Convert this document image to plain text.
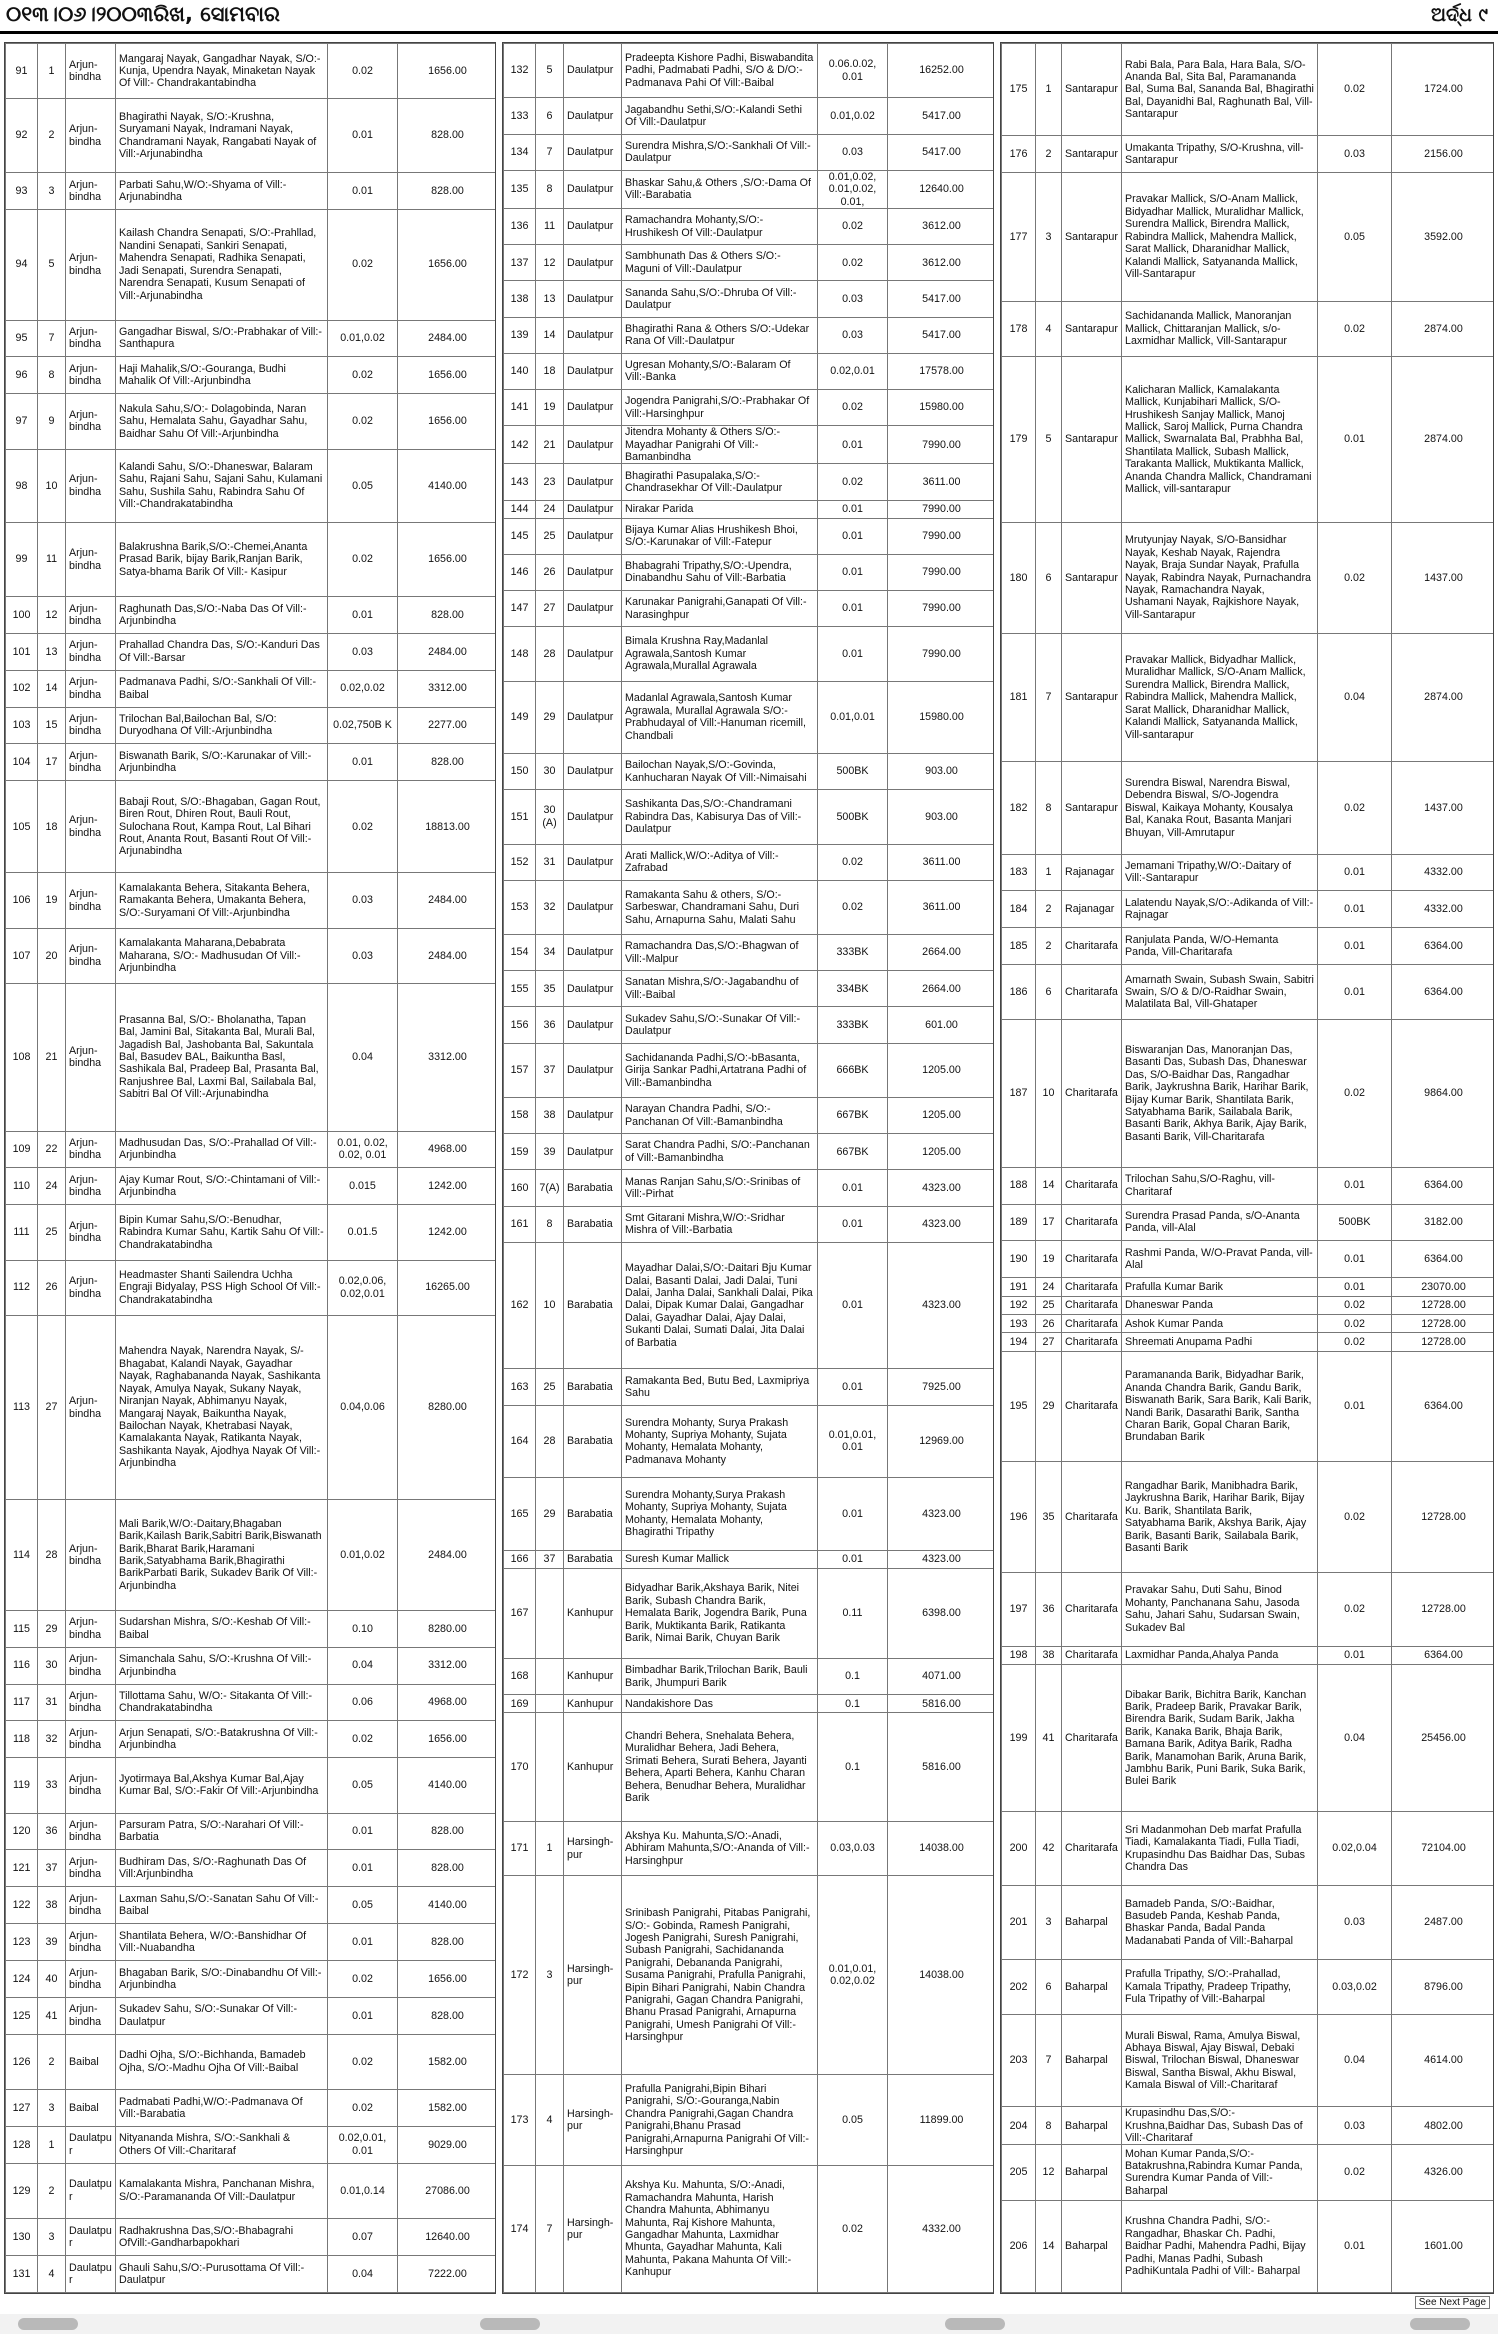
୦୧୩।୦୬।୨୦୦୩ରିଖ, ସୋମବାର	ଅର୍ଦ୍ଧ ୯
91	1	Arjun-bindha	Mangaraj Nayak, Gangadhar Nayak, S/O:- Kunja, Upendra Nayak, Minaketan Nayak Of Vill:- Chandrakantabindha	0.02	1656.00
92	2	Arjun-bindha	Bhagirathi Nayak, S/O:-Krushna, Suryamani Nayak, Indramani Nayak, Chandramani Nayak, Rangabati Nayak of Vill:-Arjunabindha	0.01	828.00
93	3	Arjun-bindha	Parbati Sahu,W/O:-Shyama of Vill:-Arjunabindha	0.01	828.00
94	5	Arjun-bindha	Kailash Chandra Senapati, S/O:-Prahllad, Nandini Senapati, Sankiri Senapati, Mahendra Senapati, Radhika Senapati, Jadi Senapati, Surendra Senapati, Narendra Senapati, Kusum Senapati of Vill:-Arjunabindha	0.02	1656.00
95	7	Arjun-bindha	Gangadhar Biswal, S/O:-Prabhakar of Vill:- Santhapura	0.01,0.02	2484.00
96	8	Arjun-bindha	Haji Mahalik,S/O:-Gouranga, Budhi Mahalik Of Vill:-Arjunbindha	0.02	1656.00
97	9	Arjun-bindha	Nakula Sahu,S/O:- Dolagobinda, Naran Sahu, Hemalata Sahu, Gayadhar Sahu, Baidhar Sahu Of Vill:-Arjunbindha	0.02	1656.00
98	10	Arjun-bindha	Kalandi Sahu, S/O:-Dhaneswar, Balaram Sahu, Rajani Sahu, Sajani Sahu, Kulamani Sahu, Sushila Sahu, Rabindra Sahu Of Vill:-Chandrakatabindha	0.05	4140.00
99	11	Arjun-bindha	Balakrushna Barik,S/O:-Chemei,Ananta Prasad Barik, bijay Barik,Ranjan Barik, Satya-bhama Barik Of Vill:- Kasipur	0.02	1656.00
100	12	Arjun-bindha	Raghunath Das,S/O:-Naba Das Of Vill:- Arjunbindha	0.01	828.00
101	13	Arjun-bindha	Prahallad Chandra Das, S/O:-Kanduri Das Of Vill:-Barsar	0.03	2484.00
102	14	Arjun-bindha	Padmanava Padhi, S/O:-Sankhali Of Vill:-Baibal	0.02,0.02	3312.00
103	15	Arjun-bindha	Trilochan Bal,Bailochan Bal, S/O: Duryodhana Of Vill:-Arjunbindha	0.02,750B K	2277.00
104	17	Arjun-bindha	Biswanath Barik, S/O:-Karunakar of Vill:-Arjunbindha	0.01	828.00
105	18	Arjun-bindha	Babaji Rout, S/O:-Bhagaban, Gagan Rout, Biren Rout, Dhiren Rout, Bauli Rout, Sulochana Rout, Kampa Rout, Lal Bihari Rout, Ananta Rout, Basanti Rout Of Vill:-Arjunabindha	0.02	18813.00
106	19	Arjun-bindha	Kamalakanta Behera, Sitakanta Behera, Ramakanta Behera, Umakanta Behera, S/O:-Suryamani Of Vill:-Arjunbindha	0.03	2484.00
107	20	Arjun-bindha	Kamalakanta Maharana,Debabrata Maharana, S/O:- Madhusudan Of Vill:-Arjunbindha	0.03	2484.00
108	21	Arjun-bindha	Prasanna Bal, S/O:- Bholanatha, Tapan Bal, Jamini Bal, Sitakanta Bal, Murali Bal, Jagadish Bal, Jashobanta Bal, Sakuntala Bal, Basudev BAL, Baikuntha Basl, Sashikala Bal, Pradeep Bal, Prasanta Bal, Ranjushree Bal, Laxmi Bal, Sailabala Bal, Sabitri Bal Of Vill:-Arjunabindha	0.04	3312.00
109	22	Arjun-bindha	Madhusudan Das, S/O:-Prahallad Of Vill:- Arjunbindha	0.01, 0.02, 0.02, 0.01	4968.00
110	24	Arjun-bindha	Ajay Kumar Rout, S/O:-Chintamani of Vill:- Arjunbindha	0.015	1242.00
111	25	Arjun-bindha	Bipin Kumar Sahu,S/O:-Benudhar, Rabindra Kumar Sahu, Kartik Sahu Of Vill:-Chandrakatabindha	0.01.5	1242.00
112	26	Arjun-bindha	Headmaster Shanti Sailendra Uchha Engraji Bidyalay, PSS High School Of Vill:-Chandrakatabindha	0.02,0.06, 0.02,0.01	16265.00
113	27	Arjun-bindha	Mahendra Nayak, Narendra Nayak, S/- Bhagabat, Kalandi Nayak, Gayadhar Nayak, Raghabananda Nayak, Sashikanta Nayak, Amulya Nayak, Sukany Nayak, Niranjan Nayak, Abhimanyu Nayak, Mangaraj Nayak, Baikuntha Nayak, Bailochan Nayak, Khetrabasi Nayak, Kamalakanta Nayak, Ratikanta Nayak, Sashikanta Nayak, Ajodhya Nayak Of Vill:-Arjunbindha	0.04,0.06	8280.00
114	28	Arjun-bindha	Mali Barik,W/O:-Daitary,Bhagaban Barik,Kailash Barik,Sabitri Barik,Biswanath Barik,Bharat Barik,Haramani Barik,Satyabhama Barik,Bhagirathi BarikParbati Barik, Sukadev Barik Of Vill:-Arjunbindha	0.01,0.02	2484.00
115	29	Arjun-bindha	Sudarshan Mishra, S/O:-Keshab Of Vill:- Baibal	0.10	8280.00
116	30	Arjun-bindha	Simanchala Sahu, S/O:-Krushna Of Vill:- Arjunbindha	0.04	3312.00
117	31	Arjun-bindha	Tillottama Sahu, W/O:- Sitakanta Of Vill:- Chandrakatabindha	0.06	4968.00
118	32	Arjun-bindha	Arjun Senapati, S/O:-Batakrushna Of Vill:- Arjunbindha	0.02	1656.00
119	33	Arjun-bindha	Jyotirmaya Bal,Akshya Kumar Bal,Ajay Kumar Bal, S/O:-Fakir Of Vill:-Arjunbindha	0.05	4140.00
120	36	Arjun-bindha	Parsuram Patra, S/O:-Narahari Of Vill:-Barbatia	0.01	828.00
121	37	Arjun-bindha	Budhiram Das, S/O:-Raghunath Das Of Vill:Arjunbindha	0.01	828.00
122	38	Arjun-bindha	Laxman Sahu,S/O:-Sanatan Sahu Of Vill:-Baibal	0.05	4140.00
123	39	Arjun-bindha	Shantilata Behera, W/O:-Banshidhar Of Vill:-Nuabandha	0.01	828.00
124	40	Arjun-bindha	Bhagaban Barik, S/O:-Dinabandhu Of Vill:-Arjunbindha	0.02	1656.00
125	41	Arjun-bindha	Sukadev Sahu, S/O:-Sunakar Of Vill:-Daulatpur	0.01	828.00
126	2	Baibal	Dadhi Ojha, S/O:-Bichhanda, Bamadeb Ojha, S/O:-Madhu Ojha Of Vill:-Baibal	0.02	1582.00
127	3	Baibal	Padmabati Padhi,W/O:-Padmanava Of Vill:-Barabatia	0.02	1582.00
128	1	Daulatpur	Nityananda Mishra, S/O:-Sankhali & Others Of Vill:-Charitaraf	0.02,0.01, 0.01	9029.00
129	2	Daulatpur	Kamalakanta Mishra, Panchanan Mishra, S/O:-Paramananda Of Vill:-Daulatpur	0.01,0.14	27086.00
130	3	Daulatpur	Radhakrushna Das,S/O:-Bhabagrahi OfVill:-Gandharbapokhari	0.07	12640.00
131	4	Daulatpur	Ghauli Sahu,S/O:-Purusottama Of Vill:-Daulatpur	0.04	7222.00
132	5	Daulatpur	Pradeepta Kishore Padhi, Biswabandita Padhi, Padmabati Padhi, S/O & D/O:-Padmanava Pahi Of Vill:-Baibal	0.06.0.02, 0.01	16252.00
133	6	Daulatpur	Jagabandhu Sethi,S/O:-Kalandi Sethi Of Vill:-Daulatpur	0.01,0.02	5417.00
134	7	Daulatpur	Surendra Mishra,S/O:-Sankhali Of Vill:-Daulatpur	0.03	5417.00
135	8	Daulatpur	Bhaskar Sahu,& Others ,S/O:-Dama Of Vill:-Barabatia	0.01,0.02, 0.01,0.02, 0.01,	12640.00
136	11	Daulatpur	Ramachandra Mohanty,S/O:-Hrushikesh Of Vill:-Daulatpur	0.02	3612.00
137	12	Daulatpur	Sambhunath Das & Others S/O:-Maguni of Vill:-Daulatpur	0.02	3612.00
138	13	Daulatpur	Sananda Sahu,S/O:-Dhruba Of Vill:-Daulatpur	0.03	5417.00
139	14	Daulatpur	Bhagirathi Rana & Others S/O:-Udekar Rana Of Vill:-Daulatpur	0.03	5417.00
140	18	Daulatpur	Ugresan Mohanty,S/O:-Balaram Of Vill:-Banka	0.02,0.01	17578.00
141	19	Daulatpur	Jogendra Panigrahi,S/O:-Prabhakar Of Vill:-Harsinghpur	0.02	15980.00
142	21	Daulatpur	Jitendra Mohanty & Others S/O:-Mayadhar Panigrahi Of Vill:-Bamanbindha	0.01	7990.00
143	23	Daulatpur	Bhagirathi Pasupalaka,S/O:-Chandrasekhar Of Vill:-Daulatpur	0.02	3611.00
144	24	Daulatpur	Nirakar Parida	0.01	7990.00
145	25	Daulatpur	Bijaya Kumar Alias Hrushikesh Bhoi, S/O:-Karunakar of Vill:-Fatepur	0.01	7990.00
146	26	Daulatpur	Bhabagrahi Tripathy,S/O:-Upendra, Dinabandhu Sahu of Vill:-Barbatia	0.01	7990.00
147	27	Daulatpur	Karunakar Panigrahi,Ganapati Of Vill:-Narasinghpur	0.01	7990.00
148	28	Daulatpur	Bimala Krushna Ray,Madanlal Agrawala,Santosh Kumar Agrawala,Murallal Agrawala	0.01	7990.00
149	29	Daulatpur	Madanlal Agrawala,Santosh Kumar Agrawala, Murallal Agrawala S/O:-Prabhudayal of Vill:-Hanuman ricemill, Chandbali	0.01,0.01	15980.00
150	30	Daulatpur	Bailochan Nayak,S/O:-Govinda, Kanhucharan Nayak Of Vill:-Nimaisahi	500BK	903.00
151	30 (A)	Daulatpur	Sashikanta Das,S/O:-Chandramani Rabindra Das, Kabisurya Das of Vill:-Daulatpur	500BK	903.00
152	31	Daulatpur	Arati Mallick,W/O:-Aditya of Vill:-Zafrabad	0.02	3611.00
153	32	Daulatpur	Ramakanta Sahu & others, S/O:-Sarbeswar, Chandramani Sahu, Duri Sahu, Arnapurna Sahu, Malati Sahu	0.02	3611.00
154	34	Daulatpur	Ramachandra Das,S/O:-Bhagwan of Vill:-Malpur	333BK	2664.00
155	35	Daulatpur	Sanatan Mishra,S/O:-Jagabandhu of Vill:-Baibal	334BK	2664.00
156	36	Daulatpur	Sukadev Sahu,S/O:-Sunakar Of Vill:-Daulatpur	333BK	601.00
157	37	Daulatpur	Sachidananda Padhi,S/O:-bBasanta, Girija Sankar Padhi,Artatrana Padhi of Vill:-Bamanbindha	666BK	1205.00
158	38	Daulatpur	Narayan Chandra Padhi, S/O:-Panchanan Of Vill:-Bamanbindha	667BK	1205.00
159	39	Daulatpur	Sarat Chandra Padhi, S/O:-Panchanan of Vill:-Bamanbindha	667BK	1205.00
160	7(A)	Barabatia	Manas Ranjan Sahu,S/O:-Srinibas of Vill:-Pirhat	0.01	4323.00
161	8	Barabatia	Smt Gitarani Mishra,W/O:-Sridhar Mishra of Vill:-Barbatia	0.01	4323.00
162	10	Barabatia	Mayadhar Dalai,S/O:-Daitari Bju Kumar Dalai, Basanti Dalai, Jadi Dalai, Tuni Dalai, Janha Dalai, Sankhali Dalai, Pika Dalai, Dipak Kumar Dalai, Gangadhar Dalai, Gayadhar Dalai, Ajay Dalai, Sukanti Dalai, Sumati Dalai, Jita Dalai of Barbatia	0.01	4323.00
163	25	Barabatia	Ramakanta Bed, Butu Bed, Laxmipriya Sahu	0.01	7925.00
164	28	Barabatia	Surendra Mohanty, Surya Prakash Mohanty, Supriya Mohanty, Sujata Mohanty, Hemalata Mohanty, Padmanava Mohanty	0.01,0.01, 0.01	12969.00
165	29	Barabatia	Surendra Mohanty,Surya Prakash Mohanty, Supriya Mohanty, Sujata Mohanty, Hemalata Mohanty, Bhagirathi Tripathy	0.01	4323.00
166	37	Barabatia	Suresh Kumar Mallick	0.01	4323.00
167		Kanhupur	Bidyadhar Barik,Akshaya Barik, Nitei Barik, Subash Chandra Barik, Hemalata Barik, Jogendra Barik, Puna Barik, Muktikanta Barik, Ratikanta Barik, Nimai Barik, Chuyan Barik	0.11	6398.00
168		Kanhupur	Bimbadhar Barik,Trilochan Barik, Bauli Barik, Jhumpuri Barik	0.1	4071.00
169		Kanhupur	Nandakishore Das	0.1	5816.00
170		Kanhupur	Chandri Behera, Snehalata Behera, Muralidhar Behera, Jadi Behera, Srimati Behera, Surati Behera, Jayanti Behera, Aparti Behera, Kanhu Charan Behera, Benudhar Behera, Muralidhar Barik	0.1	5816.00
171	1	Harsingh-pur	Akshya Ku. Mahunta,S/O:-Anadi, Abhiram Mahunta,S/O:-Ananda of Vill:- Harsinghpur	0.03,0.03	14038.00
172	3	Harsingh-pur	Srinibash Panigrahi, Pitabas Panigrahi, S/O:- Gobinda, Ramesh Panigrahi, Jogesh Panigrahi, Suresh Panigrahi, Subash Panigrahi, Sachidananda Panigrahi, Debananda Panigrahi, Susama Panigrahi, Prafulla Panigrahi, Bipin Bihari Panigrahi, Nabin Chandra Panigrahi, Gagan Chandra Panigrahi, Bhanu Prasad Panigrahi, Arnapurna Panigrahi, Umesh Panigrahi Of Vill:- Harsinghpur	0.01,0.01, 0.02,0.02	14038.00
173	4	Harsingh-pur	Prafulla Panigrahi,Bipin Bihari Panigrahi, S/O:-Gouranga,Nabin Chandra Panigrahi,Gagan Chandra Panigrahi,Bhanu Prasad Panigrahi,Arnapurna Panigrahi Of Vill:-Harsinghpur	0.05	11899.00
174	7	Harsingh-pur	Akshya Ku. Mahunta, S/O:-Anadi, Ramachandra Mahunta, Harish Chandra Mahunta, Abhimanyu Mahunta, Raj Kishore Mahunta, Gangadhar Mahunta, Laxmidhar Mhunta, Gayadhar Mahunta, Kali Mahunta, Pakana Mahunta Of Vill:-Kanhupur	0.02	4332.00
175	1	Santarapur	Rabi Bala, Para Bala, Hara Bala, S/O-Ananda Bal, Sita Bal, Paramananda Bal, Suma Bal, Sananda Bal, Bhagirathi Bal, Dayanidhi Bal, Raghunath Bal, Vill-Santarapur	0.02	1724.00
176	2	Santarapur	Umakanta Tripathy, S/O-Krushna, vill-Santarapur	0.03	2156.00
177	3	Santarapur	Pravakar Mallick, S/O-Anam Mallick, Bidyadhar Mallick, Muralidhar Mallick, Surendra Mallick, Birendra Mallick, Rabindra Mallick, Mahendra Mallick, Sarat Mallick, Dharanidhar Mallick, Kalandi Mallick, Satyananda Mallick, Vill-Santarapur	0.05	3592.00
178	4	Santarapur	Sachidananda Mallick, Manoranjan Mallick, Chittaranjan Mallick, s/o-Laxmidhar Mallick, Vill-Santarapur	0.02	2874.00
179	5	Santarapur	Kalicharan Mallick, Kamalakanta Mallick, Kunjabihari Mallick, S/O-Hrushikesh Sanjay Mallick, Manoj Mallick, Saroj Mallick, Purna Chandra Mallick, Swarnalata Bal, Prabhha Bal, Shantilata Mallick, Subash Mallick, Tarakanta Mallick, Muktikanta Mallick, Ananda Chandra Mallick, Chandramani Mallick, vill-santarapur	0.01	2874.00
180	6	Santarapur	Mrutyunjay Nayak, S/O-Bansidhar Nayak, Keshab Nayak, Rajendra Nayak, Braja Sundar Nayak, Prafulla Nayak, Rabindra Nayak, Purnachandra Nayak, Ramachandra Nayak, Ushamani Nayak, Rajkishore Nayak, Vill-Santarapur	0.02	1437.00
181	7	Santarapur	Pravakar Mallick, Bidyadhar Mallick, Muralidhar Mallick, S/O-Anam Mallick, Surendra Mallick, Birendra Mallick, Rabindra Mallick, Mahendra Mallick, Sarat Mallick, Dharanidhar Mallick, Kalandi Mallick, Satyananda Mallick, Vill-santarapur	0.04	2874.00
182	8	Santarapur	Surendra Biswal, Narendra Biswal, Debendra Biswal, S/O-Jogendra Biswal, Kaikaya Mohanty, Kousalya Bal, Kanaka Rout, Basanta Manjari Bhuyan, Vill-Amrutapur	0.02	1437.00
183	1	Rajanagar	Jemamani Tripathy,W/O:-Daitary of Vill:-Santarapur	0.01	4332.00
184	2	Rajanagar	Lalatendu Nayak,S/O:-Adikanda of Vill:-Rajnagar	0.01	4332.00
185	2	Charitarafa	Ranjulata Panda, W/O-Hemanta Panda, Vill-Charitarafa	0.01	6364.00
186	6	Charitarafa	Amarnath Swain, Subash Swain, Sabitri Swain, S/O & D/O-Raidhar Swain, Malatilata Bal, Vill-Ghataper	0.01	6364.00
187	10	Charitarafa	Biswaranjan Das, Manoranjan Das, Basanti Das, Subash Das, Dhaneswar Das, S/O-Baidhar Das, Rangadhar Barik, Jaykrushna Barik, Harihar Barik, Bijay Kumar Barik, Shantilata Barik, Satyabhama Barik, Sailabala Barik, Basanti Barik, Akhya Barik, Ajay Barik, Basanti Barik, Vill-Charitarafa	0.02	9864.00
188	14	Charitarafa	Trilochan Sahu,S/O-Raghu, vill-Charitaraf	0.01	6364.00
189	17	Charitarafa	Surendra Prasad Panda, s/O-Ananta Panda, vill-Alal	500BK	3182.00
190	19	Charitarafa	Rashmi Panda, W/O-Pravat Panda, vill-Alal	0.01	6364.00
191	24	Charitarafa	Prafulla Kumar Barik	0.01	23070.00
192	25	Charitarafa	Dhaneswar Panda	0.02	12728.00
193	26	Charitarafa	Ashok Kumar Panda	0.02	12728.00
194	27	Charitarafa	Shreemati Anupama Padhi	0.02	12728.00
195	29	Charitarafa	Paramananda Barik, Bidyadhar Barik, Ananda Chandra Barik, Gandu Barik, Biswanath Barik, Sara Barik, Kali Barik, Nandi Barik, Dasarathi Barik, Santha Charan Barik, Gopal Charan Barik, Brundaban Barik	0.01	6364.00
196	35	Charitarafa	Rangadhar Barik, Manibhadra Barik, Jaykrushna Barik, Harihar Barik, Bijay Ku. Barik, Shantilata Barik, Satyabhama Barik, Akshya Barik, Ajay Barik, Basanti Barik, Sailabala Barik, Basanti Barik	0.02	12728.00
197	36	Charitarafa	Pravakar Sahu, Duti Sahu, Binod Mohanty, Panchanana Sahu, Jasoda Sahu, Jahari Sahu, Sudarsan Swain, Sukadev Bal	0.02	12728.00
198	38	Charitarafa	Laxmidhar Panda,Ahalya Panda	0.01	6364.00
199	41	Charitarafa	Dibakar Barik, Bichitra Barik, Kanchan Barik, Pradeep Barik, Pravakar Barik, Birendra Barik, Sudam Barik, Jakha Barik, Kanaka Barik, Bhaja Barik, Bamana Barik, Aditya Barik, Radha Barik, Manamohan Barik, Aruna Barik, Jambhu Barik, Puni Barik, Suka Barik, Bulei Barik	0.04	25456.00
200	42	Charitarafa	Sri Madanmohan Deb marfat Prafulla Tiadi, Kamalakanta Tiadi, Fulla Tiadi, Krupasindhu Das Baidhar Das, Subas Chandra Das	0.02,0.04	72104.00
201	3	Baharpal	Bamadeb Panda, S/O:-Baidhar, Basudeb Panda, Keshab Panda, Bhaskar Panda, Badal Panda Madanabati Panda of Vill:-Baharpal	0.03	2487.00
202	6	Baharpal	Prafulla Tripathy, S/O:-Prahallad, Kamala Tripathy, Pradeep Tripathy, Fula Tripathy of Vill:-Baharpal	0.03,0.02	8796.00
203	7	Baharpal	Murali Biswal, Rama, Amulya Biswal, Abhaya Biswal, Ajay Biswal, Debaki Biswal, Trilochan Biswal, Dhaneswar Biswal, Santha Biswal, Akhu Biswal, Kamala Biswal of Vill:-Charitaraf	0.04	4614.00
204	8	Baharpal	Krupasindhu Das,S/O:-Krushna,Baidhar Das, Subash Das of Vill:-Charitaraf	0.03	4802.00
205	12	Baharpal	Mohan Kumar Panda,S/O:-Batakrushna,Rabindra Kumar Panda, Surendra Kumar Panda of Vill:-Baharpal	0.02	4326.00
206	14	Baharpal	Krushna Chandra Padhi, S/O:-Rangadhar, Bhaskar Ch. Padhi, Baidhar Padhi, Mahendra Padhi, Bijay Padhi, Manas Padhi, Subash PadhiKuntala Padhi of Vill:- Baharpal	0.01	1601.00
See Next Page
